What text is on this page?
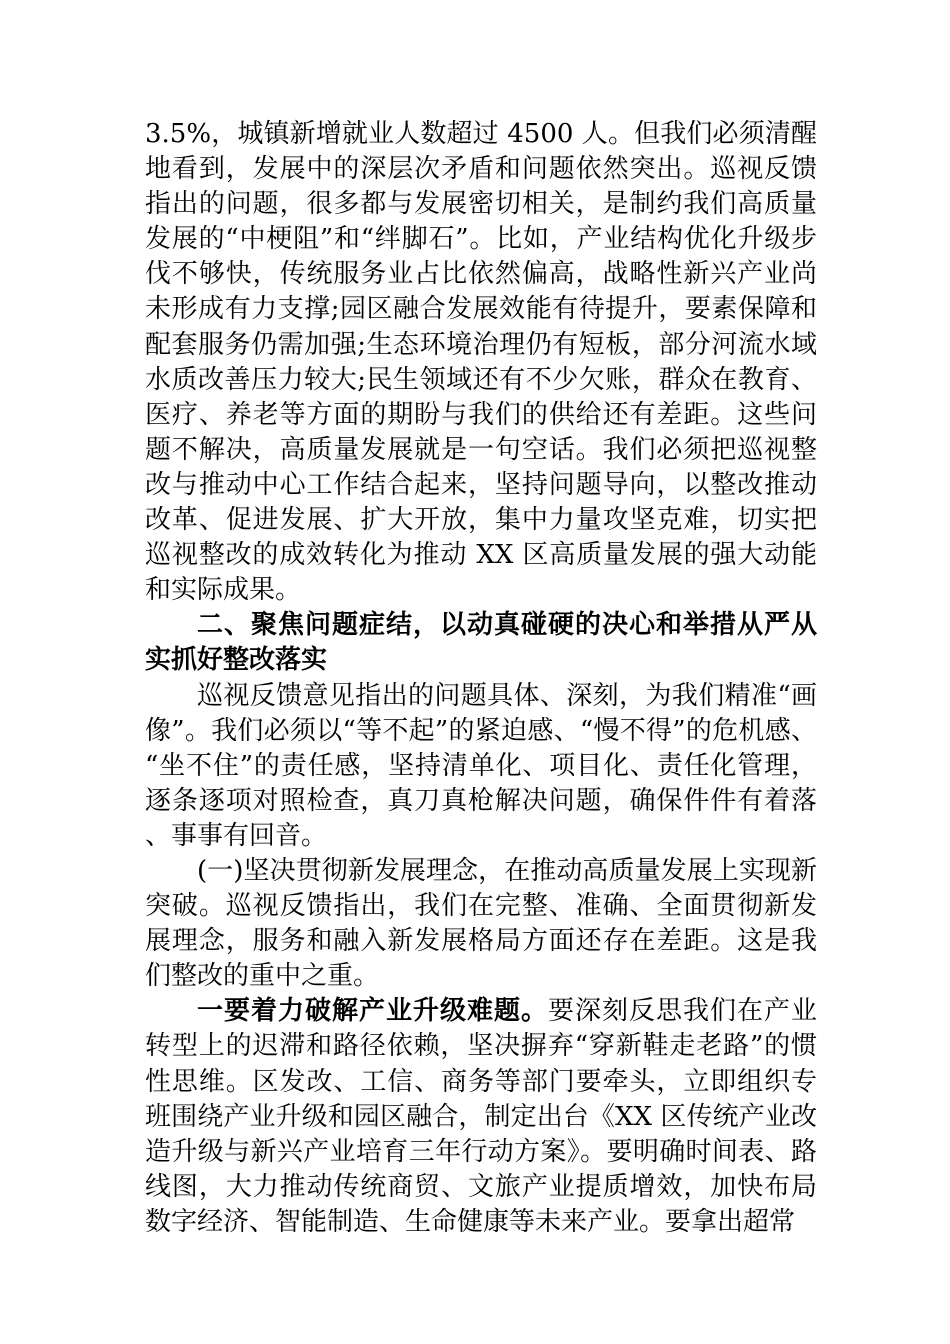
3.5%，城镇新增就业人数超过 4500 人。但我们必须清醒地看到，发展中的深层次矛盾和问题依然突出。巡视反馈指出的问题，很多都与发展密切相关，是制约我们高质量发展的“中梗阻”和“绊脚石”。比如，产业结构优化升级步伐不够快，传统服务业占比依然偏高，战略性新兴产业尚未形成有力支撑;园区融合发展效能有待提升，要素保障和配套服务仍需加强;生态环境治理仍有短板，部分河流水域水质改善压力较大;民生领域还有不少欠账，群众在教育、医疗、养老等方面的期盼与我们的供给还有差距。这些问题不解决，高质量发展就是一句空话。我们必须把巡视整改与推动中心工作结合起来，坚持问题导向，以整改推动改革、促进发展、扩大开放，集中力量攻坚克难，切实把巡视整改的成效转化为推动 XX 区高质量发展的强大动能和实际成果。

二、聚焦问题症结，以动真碰硬的决心和举措从严从实抓好整改落实

巡视反馈意见指出的问题具体、深刻，为我们精准“画像”。我们必须以“等不起”的紧迫感、“慢不得”的危机感、“坐不住”的责任感，坚持清单化、项目化、责任化管理，逐条逐项对照检查，真刀真枪解决问题，确保件件有着落、事事有回音。

(一)坚决贯彻新发展理念，在推动高质量发展上实现新突破。巡视反馈指出，我们在完整、准确、全面贯彻新发展理念，服务和融入新发展格局方面还存在差距。这是我们整改的重中之重。

一要着力破解产业升级难题。要深刻反思我们在产业转型上的迟滞和路径依赖，坚决摒弃“穿新鞋走老路”的惯性思维。区发改、工信、商务等部门要牵头，立即组织专班围绕产业升级和园区融合，制定出台《XX 区传统产业改造升级与新兴产业培育三年行动方案》。要明确时间表、路线图，大力推动传统商贸、文旅产业提质增效，加快布局数字经济、智能制造、生命健康等未来产业。要拿出超常
